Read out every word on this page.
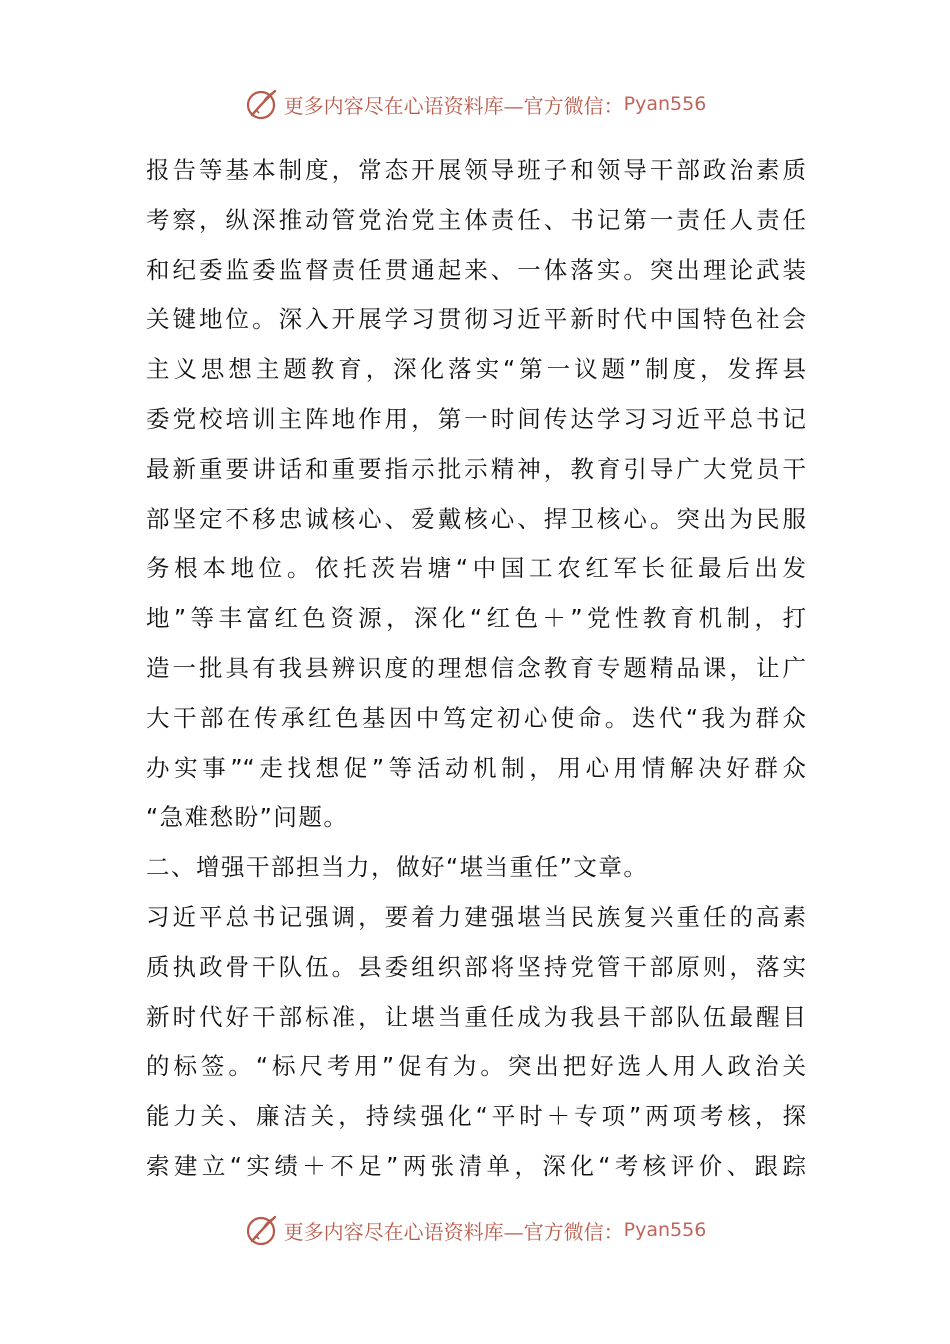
更多内容尽在心语资料库—官方微信： Pyan556
报告等基本制度，常态开展领导班子和领导干部政治素质
考察，纵深推动管党治党主体责任、书记第一责任人责任
和纪委监委监督责任贯通起来、一体落实。突出理论武装
关键地位。深入开展学习贯彻习近平新时代中国特色社会
主义思想主题教育，深化落实“第一议题”制度，发挥县
委党校培训主阵地作用，第一时间传达学习习近平总书记
最新重要讲话和重要指示批示精神，教育引导广大党员干
部坚定不移忠诚核心、爱戴核心、捍卫核心。突出为民服
务根本地位。依托茨岩塘“中国工农红军长征最后出发
地”等丰富红色资源，深化“红色＋”党性教育机制，打
造一批具有我县辨识度的理想信念教育专题精品课，让广
大干部在传承红色基因中笃定初心使命。迭代“我为群众
办实事”“走找想促”等活动机制，用心用情解决好群众
“急难愁盼”问题。
二、增强干部担当力，做好“堪当重任”文章。
习近平总书记强调，要着力建强堪当民族复兴重任的高素
质执政骨干队伍。县委组织部将坚持党管干部原则，落实
新时代好干部标准，让堪当重任成为我县干部队伍最醒目
的标签。“标尺考用”促有为。突出把好选人用人政治关
能力关、廉洁关，持续强化“平时＋专项”两项考核，探
索建立“实绩＋不足”两张清单，深化“考核评价、跟踪
更多内容尽在心语资料库—官方微信： Pyan556
